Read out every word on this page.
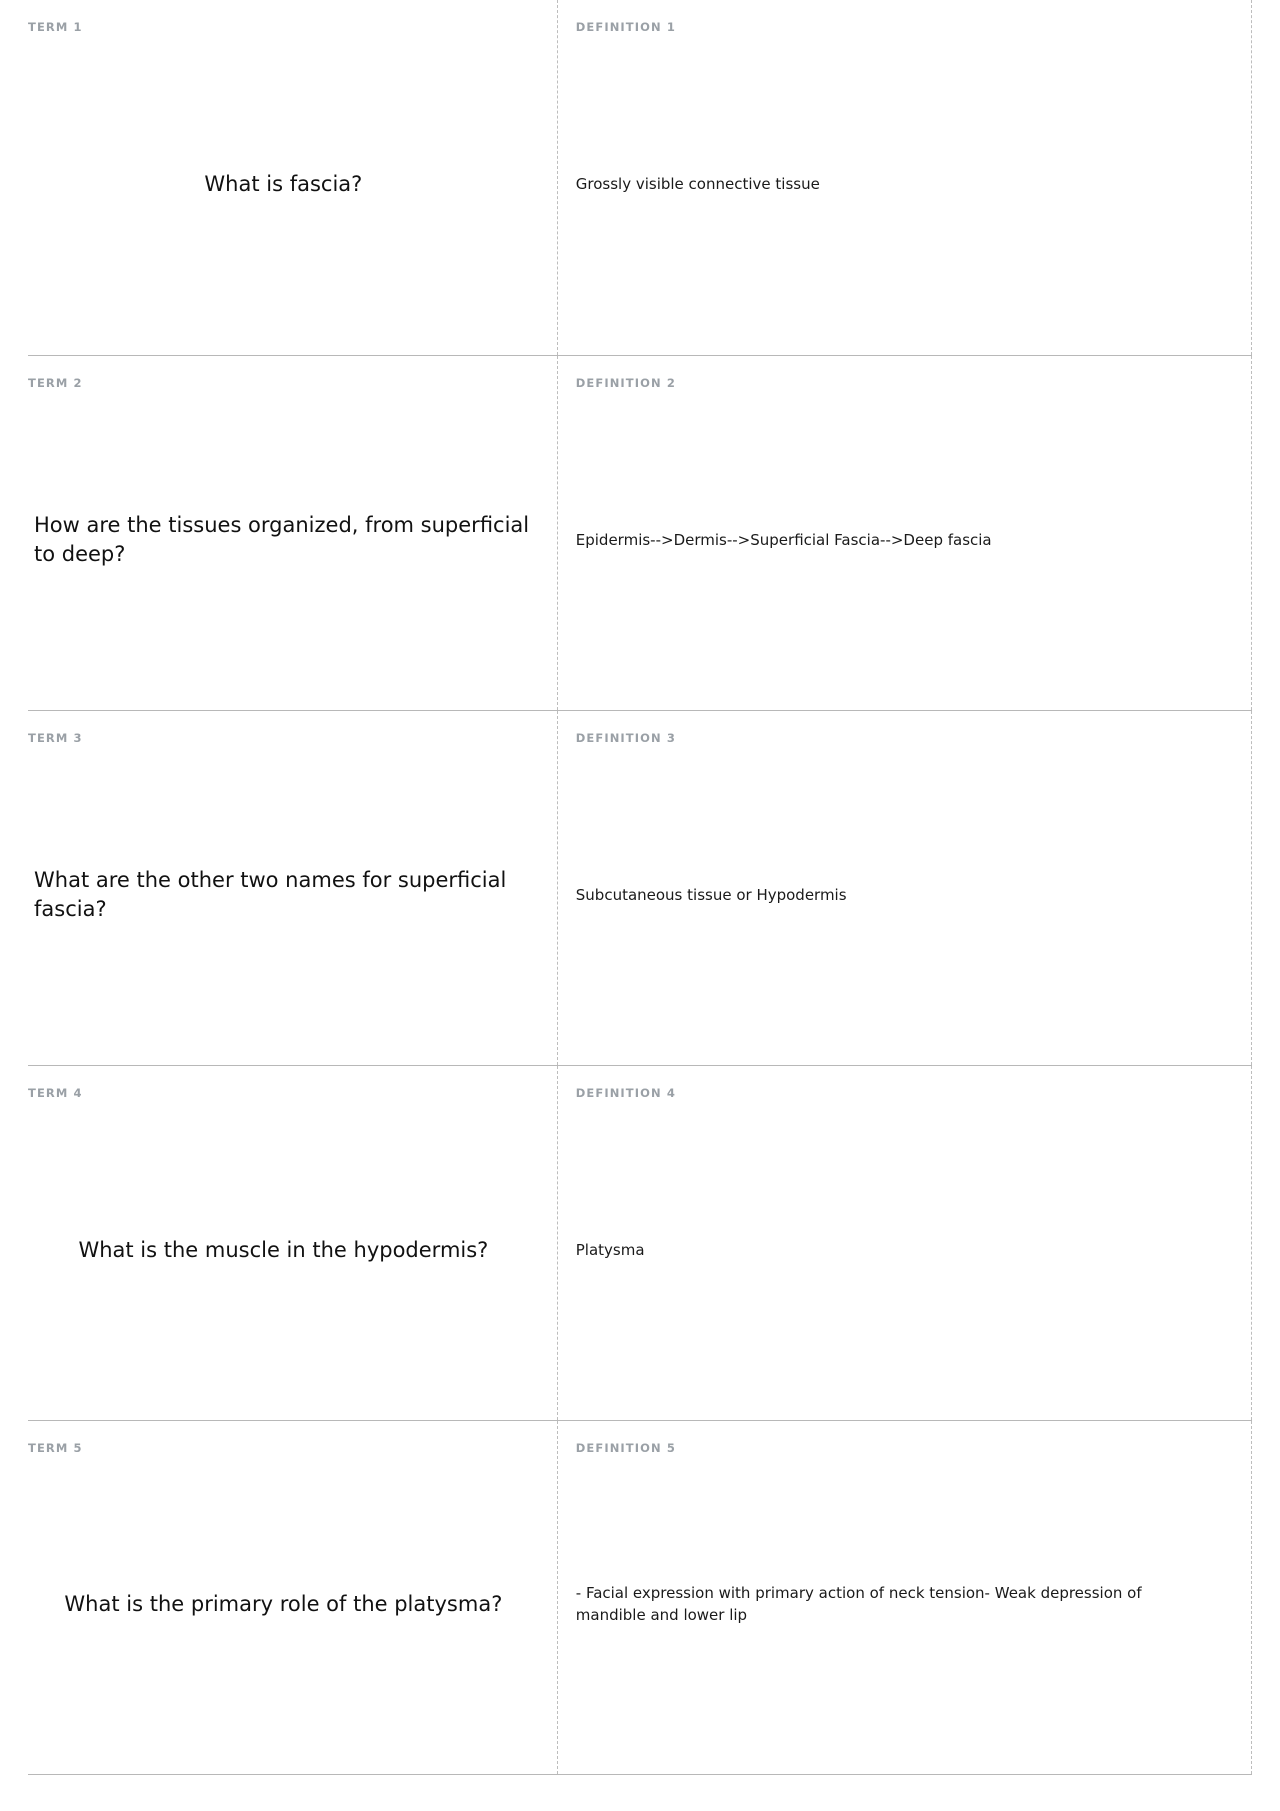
TERM 1
What is fascia?
DEFINITION 1
Grossly visible connective tissue
TERM 2
How are the tissues organized, from superficial to deep?
DEFINITION 2
Epidermis-->Dermis-->Superficial Fascia-->Deep fascia
TERM 3
What are the other two names for superficial fascia?
DEFINITION 3
Subcutaneous tissue or Hypodermis
TERM 4
What is the muscle in the hypodermis?
DEFINITION 4
Platysma
TERM 5
What is the primary role of the platysma?
DEFINITION 5
- Facial expression with primary action of neck tension- Weak depression of mandible and lower lip
